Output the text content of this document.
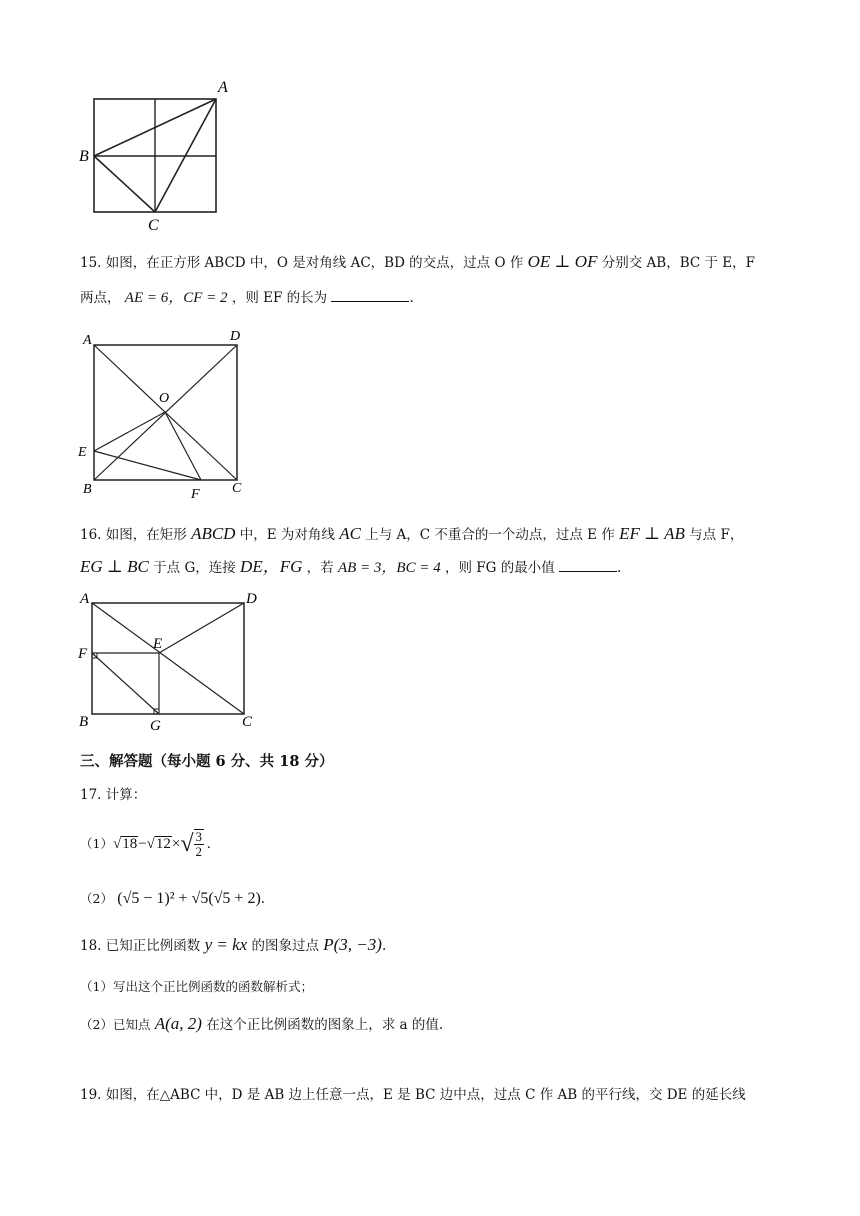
A
B
C
15. 如图，在正方形 ABCD 中，O 是对角线 AC，BD 的交点，过点 O 作 OE ⊥ OF 分别交 AB，BC 于 E，F
两点， AE = 6，CF = 2 ，则 EF 的长为	.
A	D
O
E
B	F C
16. 如图，在矩形 ABCD 中，E 为对角线 AC 上与 A，C 不重合的一个动点，过点 E 作 EF ⊥ AB 与点 F，
EG ⊥ BC 于点 G，连接 DE，FG ，若 AB = 3，BC = 4 ，则 FG 的最小值	.
A	D
E
F
B	G	C
三、解答题（每小题 6 分、共 18 分）
17. 计算：
（1） √ 18 − √ 12 × √ $\frac{3}{2}$ .
（2） (√5 − 1)² + √5(√5 + 2).
18. 已知正比例函数 y = kx 的图象过点 P(3, −3).
（1）写出这个正比例函数的函数解析式；
（2）已知点 A(a, 2) 在这个正比例函数的图象上，求 a 的值.
19. 如图，在△ABC 中，D 是 AB 边上任意一点，E 是 BC 边中点，过点 C 作 AB 的平行线，交 DE 的延长线
